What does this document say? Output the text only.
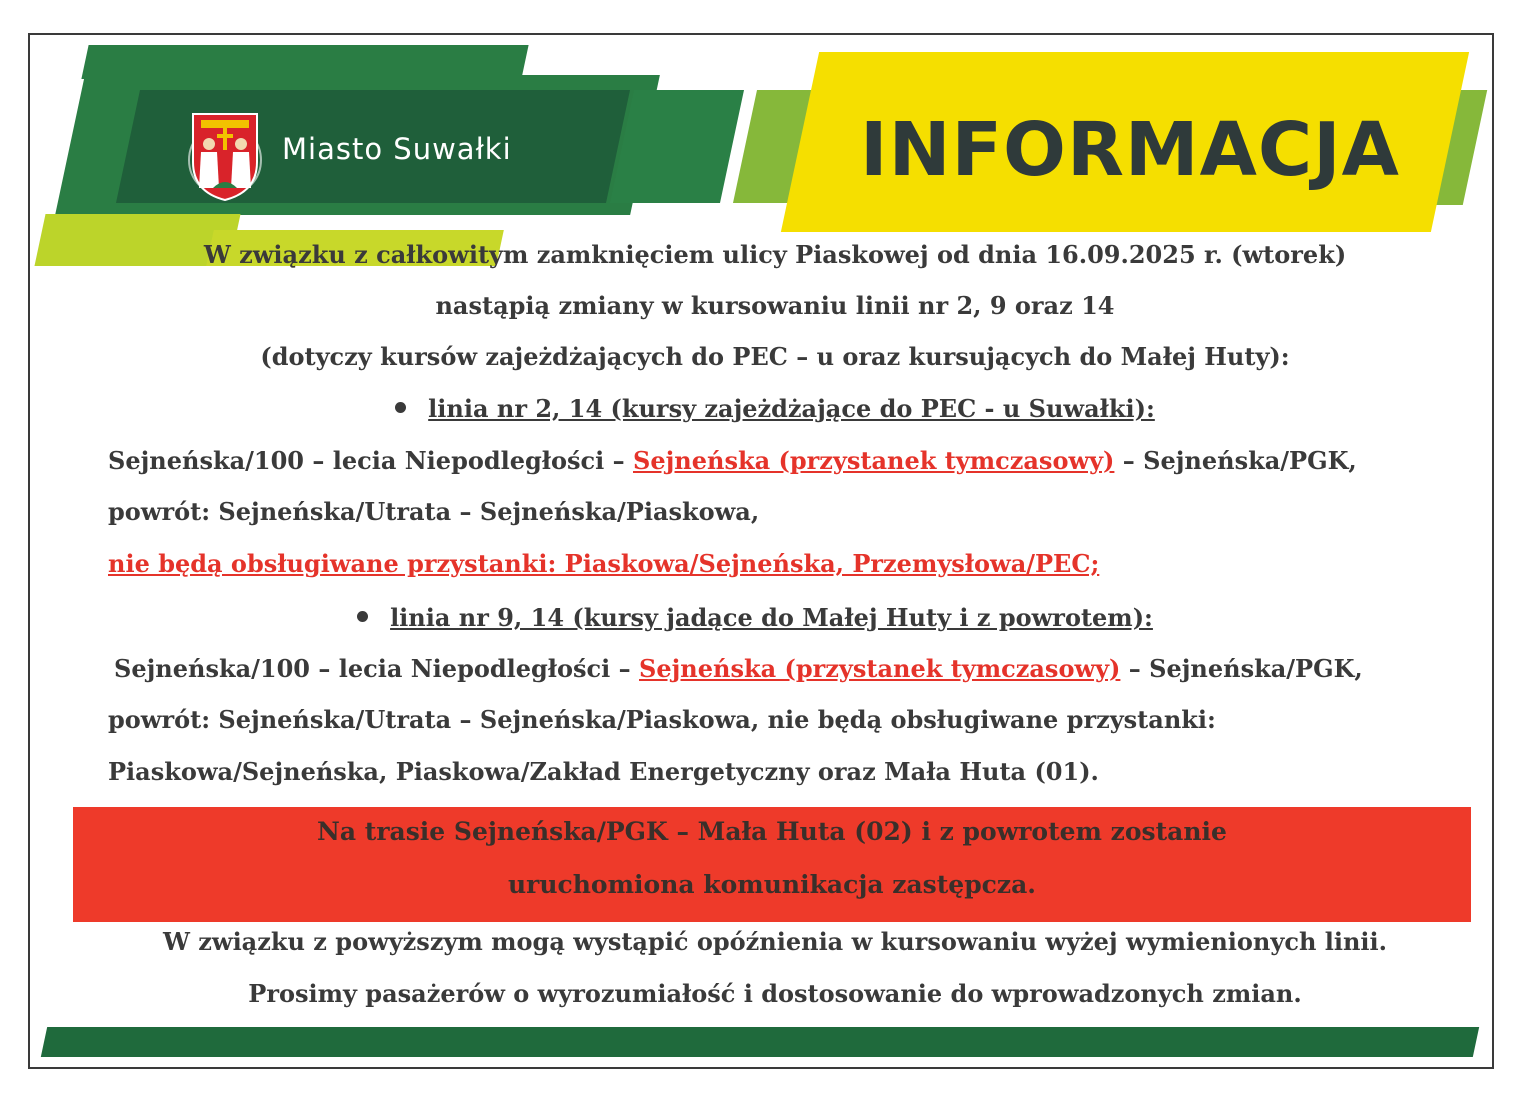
Miasto Suwałki	INFORMACJA
W związku z całkowitym zamknięciem ulicy Piaskowej od dnia 16.09.2025 r. (wtorek)
nastąpią zmiany w kursowaniu linii nr 2, 9 oraz 14
(dotyczy kursów zajeżdżających do PEC – u oraz kursujących do Małej Huty):
linia nr 2, 14 (kursy zajeżdżające do PEC - u Suwałki):
Sejneńska/100 – lecia Niepodległości – Sejneńska (przystanek tymczasowy) – Sejneńska/PGK,
powrót: Sejneńska/Utrata – Sejneńska/Piaskowa,
nie będą obsługiwane przystanki: Piaskowa/Sejneńska, Przemysłowa/PEC;
linia nr 9, 14 (kursy jadące do Małej Huty i z powrotem):
Sejneńska/100 – lecia Niepodległości – Sejneńska (przystanek tymczasowy) – Sejneńska/PGK,
powrót: Sejneńska/Utrata – Sejneńska/Piaskowa, nie będą obsługiwane przystanki:
Piaskowa/Sejneńska, Piaskowa/Zakład Energetyczny oraz Mała Huta (01).
Na trasie Sejneńska/PGK – Mała Huta (02) i z powrotem zostanie
uruchomiona komunikacja zastępcza.
W związku z powyższym mogą wystąpić opóźnienia w kursowaniu wyżej wymienionych linii.
Prosimy pasażerów o wyrozumiałość i dostosowanie do wprowadzonych zmian.
